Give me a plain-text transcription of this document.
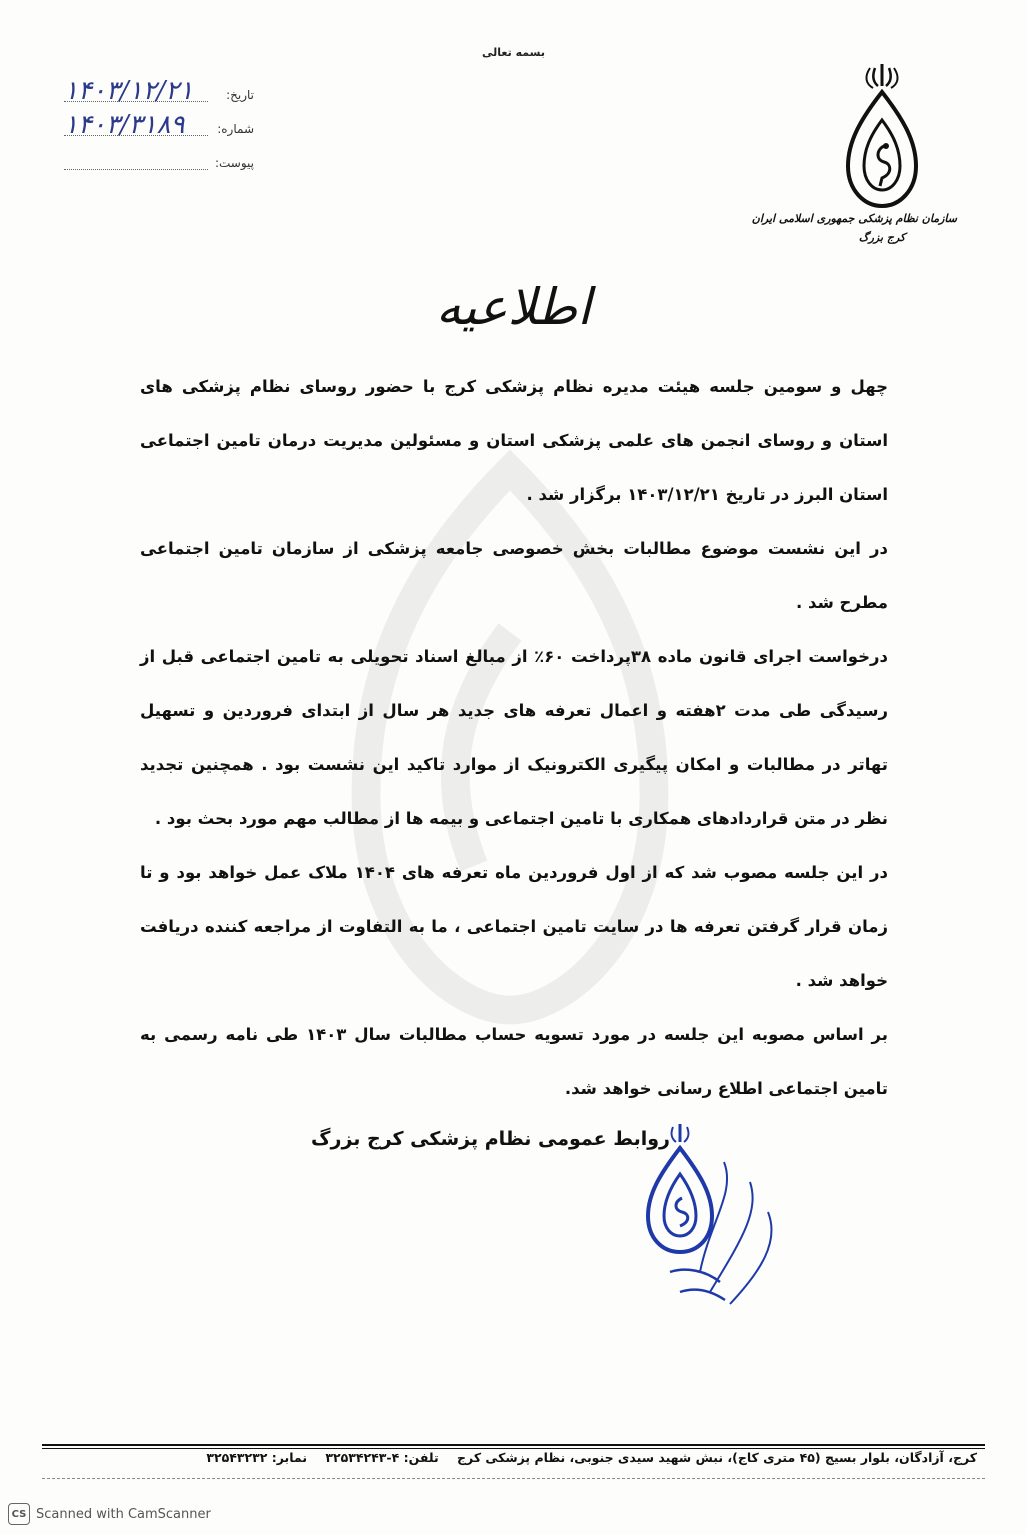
بسمه تعالی
تاریخ:
۱۴۰۳/۱۲/۲۱
شماره:
۱۴۰۳/۳۱۸۹
پیوست:
سازمان نظام پزشکی جمهوری اسلامی ایران
کرج بزرگ
اطلاعیه

چهل و سومین جلسه هیئت مدیره نظام پزشکی کرج با حضور روسای نظام پزشکی های استان و روسای انجمن های علمی پزشکی استان و مسئولین مدیریت درمان تامین اجتماعی استان البرز در تاریخ ۱۴۰۳/۱۲/۲۱ برگزار شد .

در این نشست موضوع مطالبات بخش خصوصی جامعه پزشکی از سازمان تامین اجتماعی مطرح شد .

درخواست اجرای قانون ماده ۳۸پرداخت ۶۰٪ از مبالغ اسناد تحویلی به تامین اجتماعی قبل از رسیدگی طی مدت ۲هفته و اعمال تعرفه های جدید هر سال از ابتدای فروردین و تسهیل تهاتر در مطالبات و امکان پیگیری الکترونیک از موارد تاکید این نشست بود . همچنین تجدید نظر در متن قراردادهای همکاری با تامین اجتماعی و بیمه ها از مطالب مهم مورد بحث بود .

در این جلسه مصوب شد که از اول فروردین ماه تعرفه های ۱۴۰۴ ملاک عمل خواهد بود و تا زمان قرار گرفتن تعرفه ها در سایت تامین اجتماعی ، ما به التفاوت از مراجعه کننده دریافت خواهد شد .

بر اساس مصوبه این جلسه در مورد تسویه حساب مطالبات سال ۱۴۰۳ طی نامه رسمی به تامین اجتماعی اطلاع رسانی خواهد شد.

روابط عمومی نظام پزشکی کرج بزرگ
کرج، آزادگان، بلوار بسیج (۴۵ متری کاج)، نبش شهید سیدی جنوبی، نظام پزشکی کرج تلفن: ۴-۳۲۵۳۴۲۴۳ نمابر: ۳۲۵۴۳۲۳۲
CS Scanned with CamScanner
